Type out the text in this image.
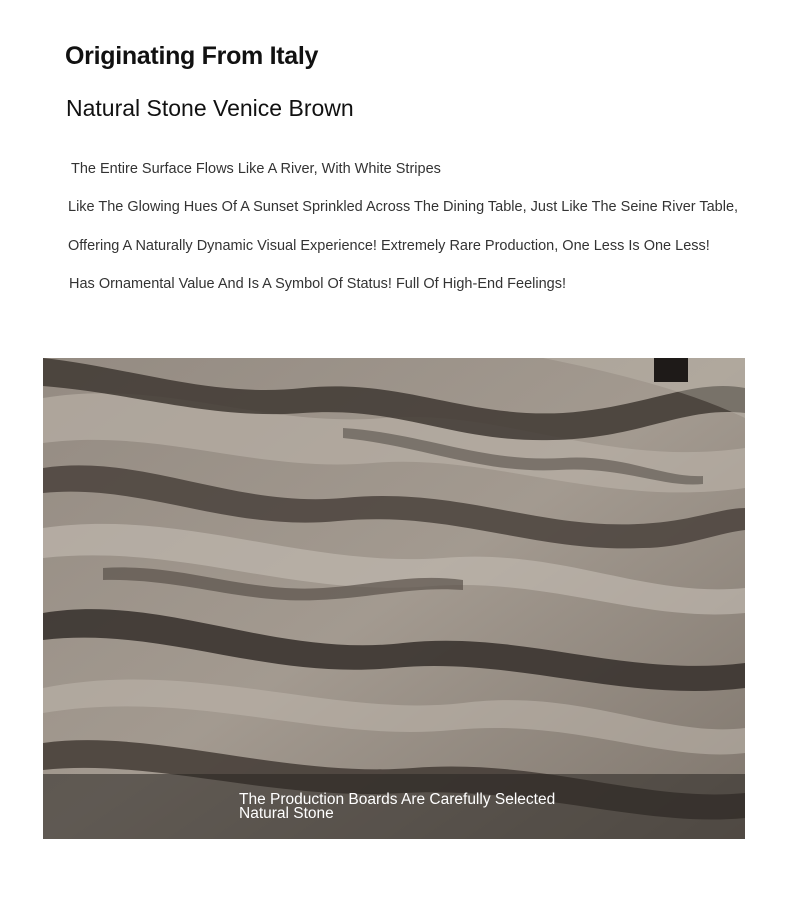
Originating From Italy
Natural Stone Venice Brown

The Entire Surface Flows Like A River, With White Stripes

Like The Glowing Hues Of A Sunset Sprinkled Across The Dining Table, Just Like The Seine River Table,

Offering A Naturally Dynamic Visual Experience! Extremely Rare Production, One Less Is One Less!

Has Ornamental Value And Is A Symbol Of Status! Full Of High-End Feelings!

The Production Boards Are Carefully Selected Natural Stone
